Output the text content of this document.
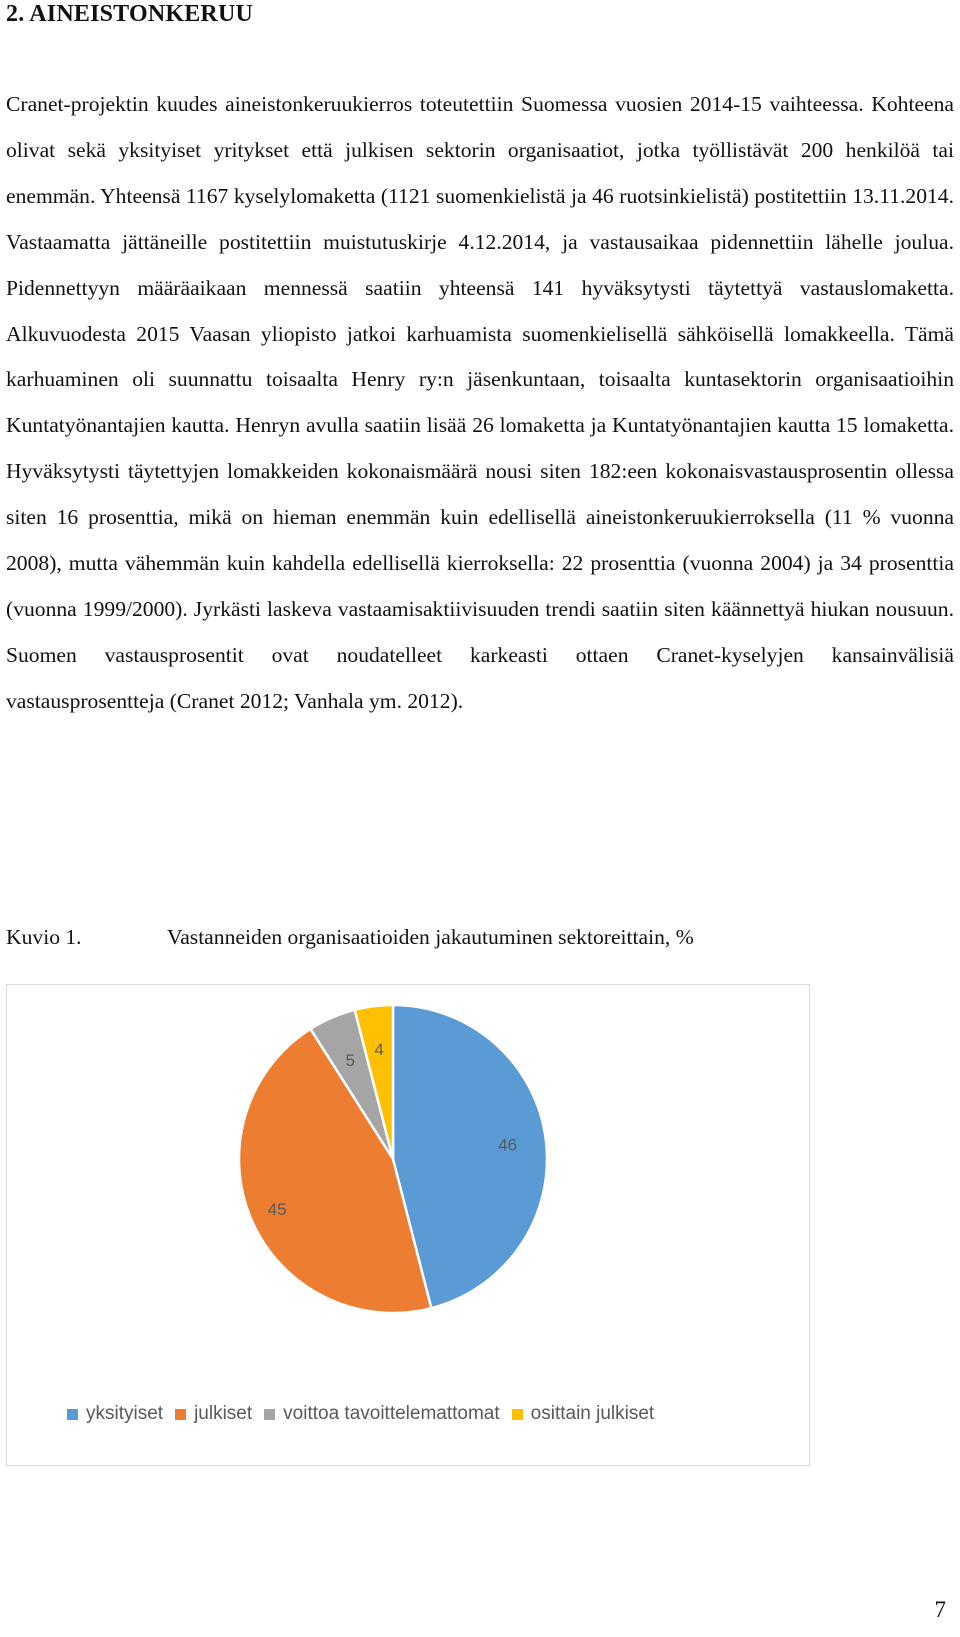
2. AINEISTONKERUU

Cranet-projektin kuudes aineistonkeruukierros toteutettiin Suomessa vuosien 2014-15 vaihteessa. Kohteena olivat sekä yksityiset yritykset että julkisen sektorin organisaatiot, jotka työllistävät 200 henkilöä tai enemmän. Yhteensä 1167 kyselylomaketta (1121 suomenkielistä ja 46 ruotsinkielistä) postitettiin 13.11.2014. Vastaamatta jättäneille postitettiin muistutuskirje 4.12.2014, ja vastausaikaa pidennettiin lähelle joulua. Pidennettyyn määräaikaan mennessä saatiin yhteensä 141 hyväksytysti täytettyä vastauslomaketta. Alkuvuodesta 2015 Vaasan yliopisto jatkoi karhuamista suomenkielisellä sähköisellä lomakkeella. Tämä karhuaminen oli suunnattu toisaalta Henry ry:n jäsenkuntaan, toisaalta kuntasektorin organisaatioihin Kuntatyönantajien kautta. Henryn avulla saatiin lisää 26 lomaketta ja Kuntatyönantajien kautta 15 lomaketta. Hyväksytysti täytettyjen lomakkeiden kokonaismäärä nousi siten 182:een kokonaisvastausprosentin ollessa siten 16 prosenttia, mikä on hieman enemmän kuin edellisellä aineistonkeruukierroksella (11 % vuonna 2008), mutta vähemmän kuin kahdella edellisellä kierroksella: 22 prosenttia (vuonna 2004) ja 34 prosenttia (vuonna 1999/2000). Jyrkästi laskeva vastaamisaktiivisuuden trendi saatiin siten käännettyä hiukan nousuun. Suomen vastausprosentit ovat noudatelleet karkeasti ottaen Cranet-kyselyjen kansainvälisiä vastausprosentteja (Cranet 2012; Vanhala ym. 2012).

Kuvio 1.	Vastanneiden organisaatioiden jakautuminen sektoreittain, %
46
45
5
4
yksityiset julkiset voittoa tavoittelemattomat osittain julkiset
7
